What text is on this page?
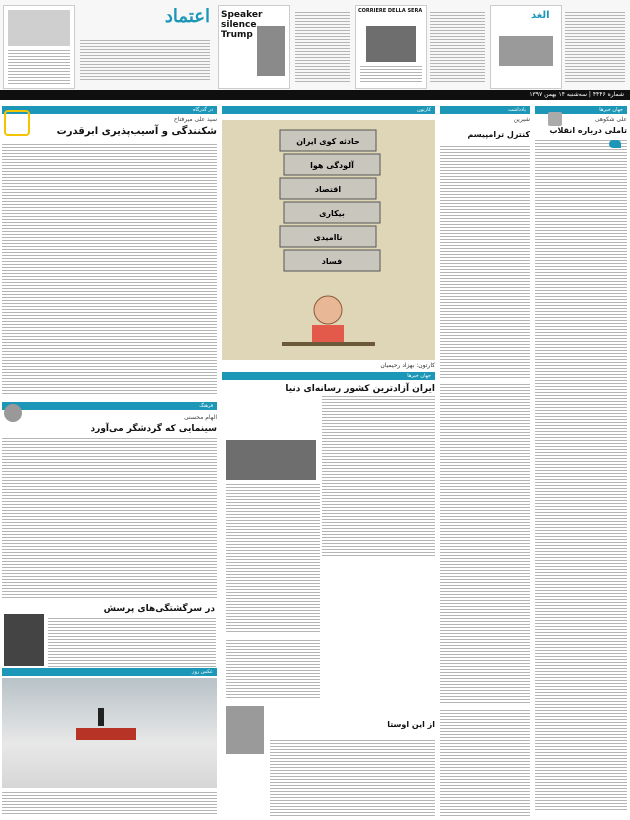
اعتماد Speaker silence Trump
CORRIERE DELLA SERA	الغد
شماره ۴۴۴۶ | سه‌شنبه ۱۴ بهمن ۱۳۹۷
جهان خبرها
علی شکوهی
تاملی درباره انقلاب
یادداشت
شیرین
کنترل ترامپیسم
کارتون
حادثه کوی ایران
آلودگی هوا
اقتصاد
بیکاری
ناامیدی
فساد
کارتون: بهزاد رحیمیان
در گذرگاه
سید علی میرفتاح
شکنندگی و آسیب‌پذیری ابرقدرت
فرهنگ
الهام محسنی
سینمایی که گردشگر می‌آورد
جهان خبرها
ایران آزادترین کشور رسانه‌ای دنیا
در سرگشتگی‌های پرسش
عکس روز
از این اوستا
